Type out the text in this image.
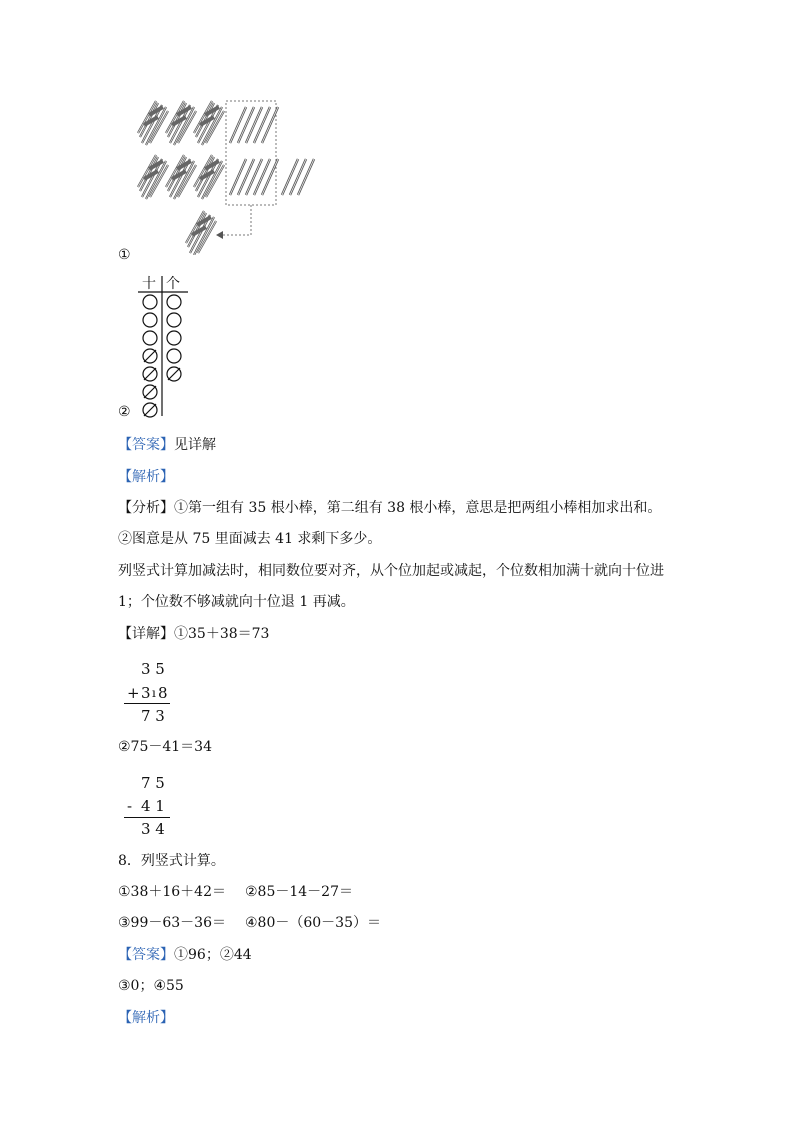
①
十 个
②
【答案】见详解
【解析】
【分析】①第一组有 35 根小棒，第二组有 38 根小棒，意思是把两组小棒相加求出和。
②图意是从 75 里面减去 41 求剩下多少。
列竖式计算加减法时，相同数位要对齐，从个位加起或减起，个位数相加满十就向十位进
1；个位数不够减就向十位退 1 再减。
【详解】①35＋38＝73
3 5
+ 3 ı 8
7 3
②75－41＝34
7 5
- 4 1
3 4
8．列竖式计算。
①38＋16＋42＝ ②85－14－27＝
③99－63－36＝ ④80－（60－35）＝
【答案】①96；②44
③0；④55
【解析】
